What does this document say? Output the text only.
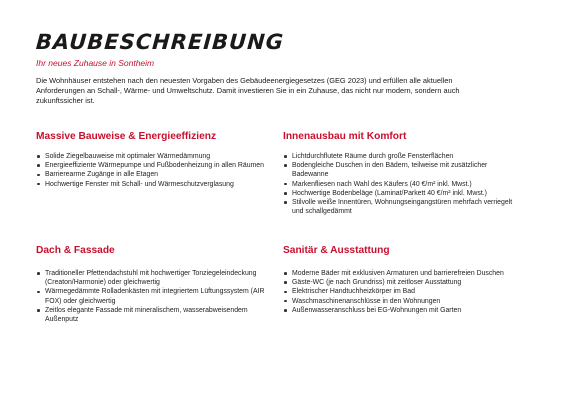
BAUBESCHREIBUNG
Ihr neues Zuhause in Sontheim

Die Wohnhäuser entstehen nach den neuesten Vorgaben des Gebäudeenergiegesetzes (GEG 2023) und erfüllen alle aktuellen Anforderungen an Schall-, Wärme- und Umweltschutz. Damit investieren Sie in ein Zuhause, das nicht nur modern, sondern auch zukunftssicher ist.

Massive Bauweise & Energieeffizienz
Solide Ziegelbauweise mit optimaler Wärmedämmung
Energieeffiziente Wärmepumpe und Fußbodenheizung in allen Räumen
Barrierearme Zugänge in alle Etagen
Hochwertige Fenster mit Schall- und Wärmeschutzverglasung
Innenausbau mit Komfort
Lichtdurchflutete Räume durch große Fensterflächen
Bodengleiche Duschen in den Bädern, teilweise mit zusätzlicher Badewanne
Markenfliesen nach Wahl des Käufers (40 €/m² inkl. Mwst.)
Hochwertige Bodenbeläge (Laminat/Parkett 40 €/m² inkl. Mwst.)
Stilvolle weiße Innentüren, Wohnungseingangstüren mehrfach verriegelt und schallgedämmt
Dach & Fassade
Traditioneller Pfettendachstuhl mit hochwertiger Tonziegeleindeckung (Creaton/Harmonie) oder gleichwertig
Wärmegedämmte Rolladenkästen mit integriertem Lüftungssystem (AIR FOX) oder gleichwertig
Zeitlos elegante Fassade mit mineralischem, wasserabweisendem Außenputz
Sanitär & Ausstattung
Moderne Bäder mit exklusiven Armaturen und barrierefreien Duschen
Gäste-WC (je nach Grundriss) mit zeitloser Ausstattung
Elektrischer Handtuchheizkörper im Bad
Waschmaschinenanschlüsse in den Wohnungen
Außenwasseranschluss bei EG-Wohnungen mit Garten
